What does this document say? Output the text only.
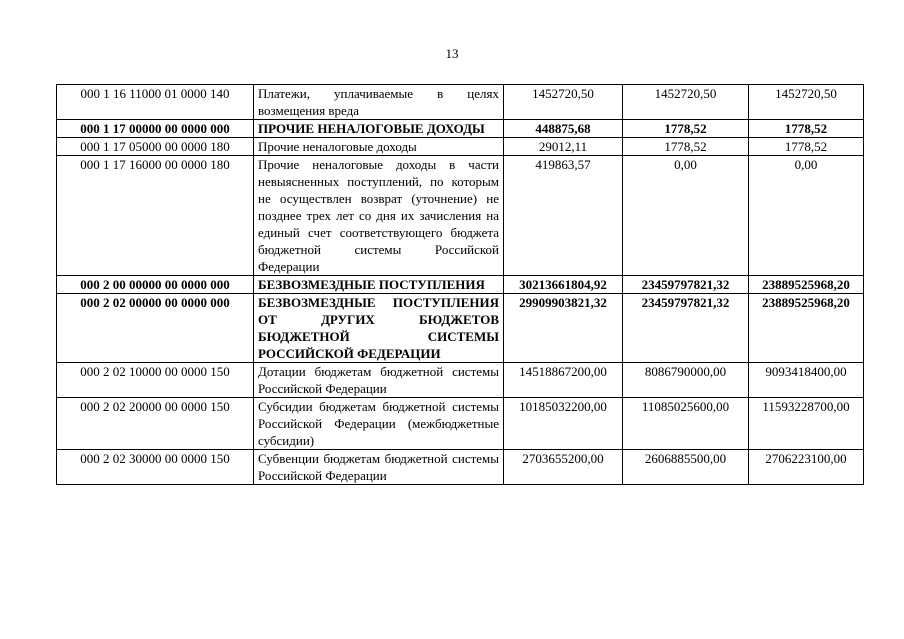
13
000 1 16 11000 01 0000 140	Платежи, уплачиваемые в целях возмещения вреда	1452720,50	1452720,50	1452720,50
000 1 17 00000 00 0000 000	ПРОЧИЕ НЕНАЛОГОВЫЕ ДОХОДЫ	448875,68	1778,52	1778,52
000 1 17 05000 00 0000 180	Прочие неналоговые доходы	29012,11	1778,52	1778,52
000 1 17 16000 00 0000 180	Прочие неналоговые доходы в части невыясненных поступлений, по которым не осуществлен возврат (уточнение) не позднее трех лет со дня их зачисления на единый счет соответствующего бюджета бюджетной системы Российской Федерации	419863,57	0,00	0,00
000 2 00 00000 00 0000 000	БЕЗВОЗМЕЗДНЫЕ ПОСТУПЛЕНИЯ	30213661804,92	23459797821,32	23889525968,20
000 2 02 00000 00 0000 000	БЕЗВОЗМЕЗДНЫЕ ПОСТУПЛЕНИЯ ОТ ДРУГИХ БЮДЖЕТОВ БЮДЖЕТНОЙ СИСТЕМЫ РОССИЙСКОЙ ФЕДЕРАЦИИ	29909903821,32	23459797821,32	23889525968,20
000 2 02 10000 00 0000 150	Дотации бюджетам бюджетной системы Российской Федерации	14518867200,00	8086790000,00	9093418400,00
000 2 02 20000 00 0000 150	Субсидии бюджетам бюджетной системы Российской Федерации (межбюджетные субсидии)	10185032200,00	11085025600,00	11593228700,00
000 2 02 30000 00 0000 150	Субвенции бюджетам бюджетной системы Российской Федерации	2703655200,00	2606885500,00	2706223100,00
